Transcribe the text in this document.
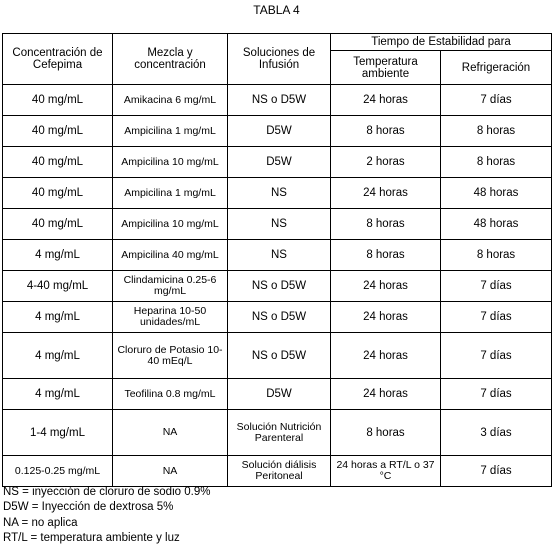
TABLA 4
Concentración de Cefepima	Mezcla y concentración	Soluciones de Infusión	Tiempo de Estabilidad para	
			Temperatura ambiente	Refrigeración
40 mg/mL	Amikacina 6 mg/mL	NS o D5W	24 horas	7 días
40 mg/mL	Ampicilina 1 mg/mL	D5W	8 horas	8 horas
40 mg/mL	Ampicilina 10 mg/mL	D5W	2 horas	8 horas
40 mg/mL	Ampicilina 1 mg/mL	NS	24 horas	48 horas
40 mg/mL	Ampicilina 10 mg/mL	NS	8 horas	48 horas
4 mg/mL	Ampicilina 40 mg/mL	NS	8 horas	8 horas
4-40 mg/mL	Clindamicina 0.25-6 mg/mL	NS o D5W	24 horas	7 días
4 mg/mL	Heparina 10-50 unidades/mL	NS o D5W	24 horas	7 días
4 mg/mL	Cloruro de Potasio 10-40 mEq/L	NS o D5W	24 horas	7 días
4 mg/mL	Teofilina 0.8 mg/mL	D5W	24 horas	7 días
1-4 mg/mL	NA	Solución Nutrición Parenteral	8 horas	3 días
0.125-0.25 mg/mL	NA	Solución diálisis Peritoneal	24 horas a RT/L o 37 °C	7 días
NS = inyección de cloruro de sodio 0.9%
D5W = Inyección de dextrosa 5%
NA = no aplica
RT/L = temperatura ambiente y luz
